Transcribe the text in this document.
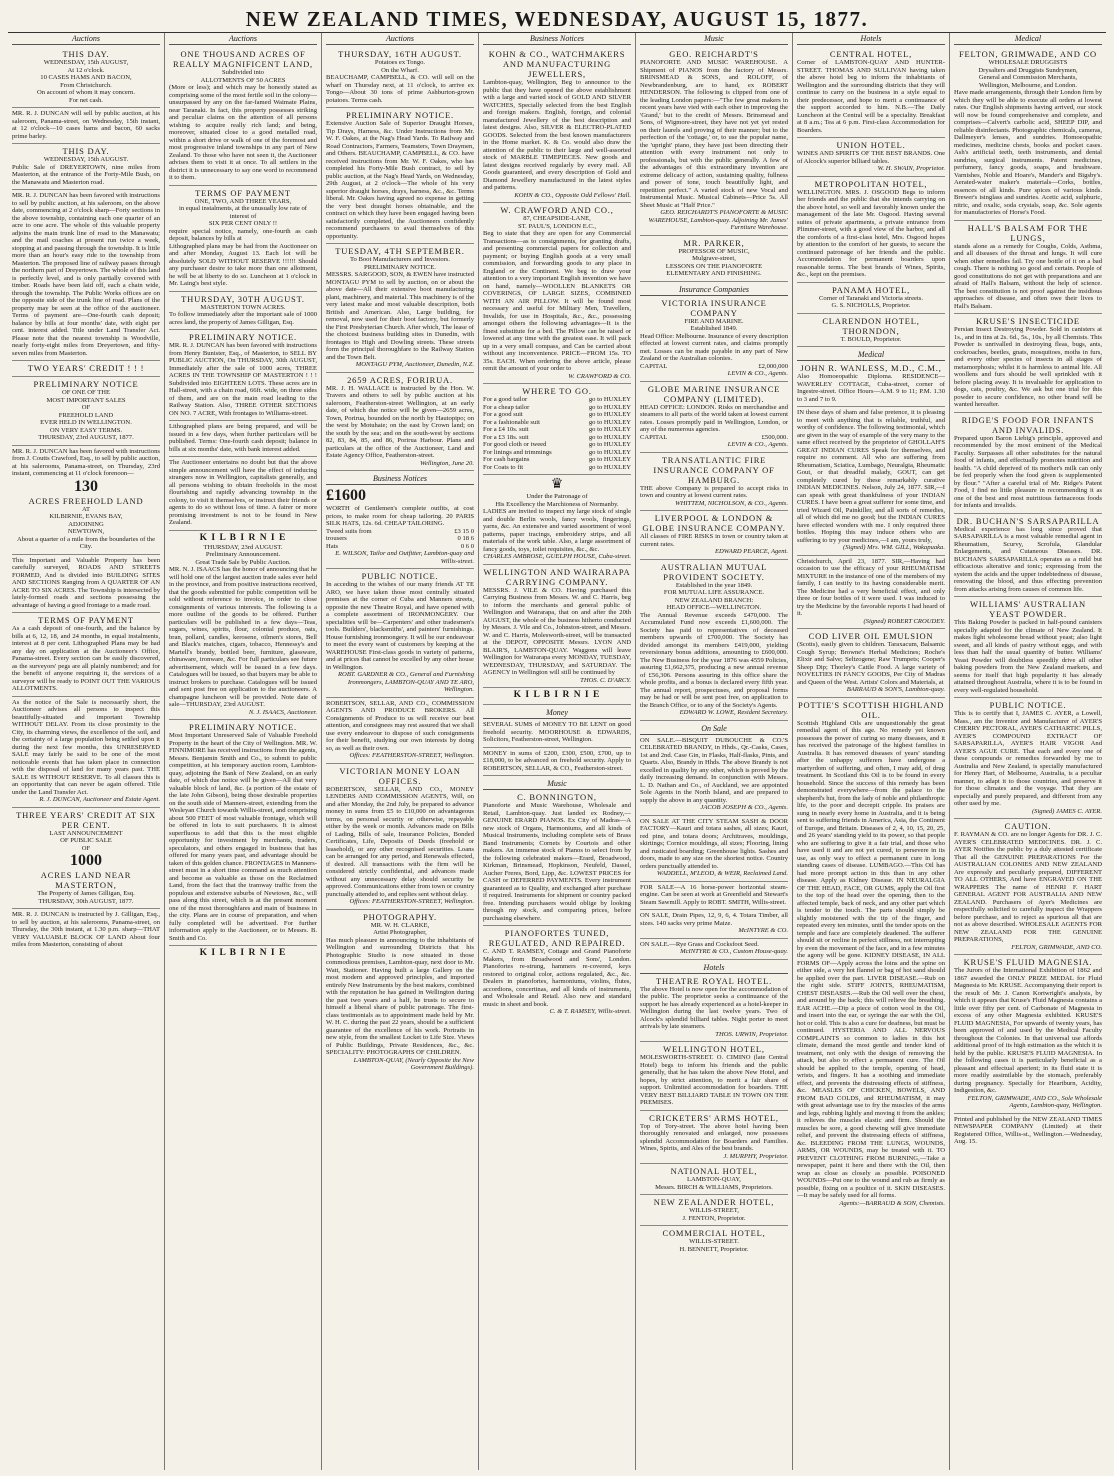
NEW ZEALAND TIMES, WEDNESDAY, AUGUST 15, 1877.
Auctions
THIS DAY.
WEDNESDAY, 15th AUGUST,
At 12 o'clock.
10 CASES HAMS AND BACON,
From Christchurch.
On account of whom it may concern.
For net cash.
MR. R. J. DUNCAN will sell by public auction, at his saleroom, Panama-street, on Wednesday, 15th instant, at 12 o'clock—10 cases hams and bacon, 60 sacks prime barley.
THIS DAY.
WEDNESDAY, 15th AUGUST.
Public Sale of DREYERTOWN, nine miles from Masterton, at the entrance of the Forty-Mile Bush, on the Manawatu and Masterton road.
MR. R. J. DUNCAN has been favored with instructions to sell by public auction, at his saleroom, on the above date, commencing at 2 o'clock sharp—Forty sections in the above township, containing each one quarter of an acre to one acre. The whole of this valuable property adjoins the main trunk line of road to the Manawatu; and the mail coaches at present run twice a week, stopping at and passing through the township. It is little more than an hour's easy ride to the township from Masterton. The proposed line of railway passes through the northern part of Dreyertown. The whole of this land is perfectly level, and is only partially covered with timber. Roads have been laid off, each a chain wide, through the township. The Public Works offices are on the opposite side of the trunk line of road. Plans of the property may be seen at the office of the auctioneer. Terms of payment are—One-fourth cash deposit; balance by bills at four months' date, with eight per cent. interest added. Title under Land Transfer Act. Please note that the nearest township is Woodville, nearly forty-eight miles from Dreyertown, and fifty-seven miles from Masterton.
TWO YEARS' CREDIT ! ! !
PRELIMINARY NOTICE
OF ONE OF THE
MOST IMPORTANT SALES
OF
FREEHOLD LAND
EVER HELD IN WELLINGTON.
ON VERY EASY TERMS.
THURSDAY, 23rd AUGUST, 1877.
MR. R. J. DUNCAN has been favored with instructions from J. Coutts Crawford, Esq., to sell by public auction, at his salerooms, Panama-street, on Thursday, 23rd instant, commencing at 11 o'clock forenoon—
130
ACRES FREEHOLD LAND
AT
KILBIRNIE, EVANS BAY,
ADJOINING
NEWTOWN,
About a quarter of a mile from the boundaries of the City.
This Important and Valuable Property has been carefully surveyed, ROADS AND STREETS FORMED, And is divided into BUILDING SITES AND SECTIONS Ranging from A QUARTER OF AN ACRE TO SIX ACRES. The Township is intersected by lately-formed roads and sections possessing the advantage of having a good frontage to a made road.
TERMS OF PAYMENT
As a cash deposit of one-fourth, and the balance by bills at 6, 12, 18, and 24 months, in equal instalments, interest at 8 per cent. Lithographed Plans may be had any day on application at the Auctioneer's Office, Panama-street. Every section can be easily discovered, as the surveyors' pegs are all plainly numbered; and for the benefit of anyone requiring it, the services of a surveyor will be ready to POINT OUT THE VARIOUS ALLOTMENTS.
As the notice of the Sale is necessarily short, the Auctioneer advises all persons to inspect this beautifully-situated and important Township WITHOUT DELAY. From its close proximity to the City, its charming views, the excellence of the soil, and the certainty of a large population being settled upon it during the next few months, this UNRESERVED SALE may fairly be said to be one of the most noticeable events that has taken place in connection with the disposal of land for many years past. THE SALE IS WITHOUT RESERVE. To all classes this is an opportunity that can never be again offered. Title under the Land Transfer Act.
R. J. DUNCAN, Auctioneer and Estate Agent.
THREE YEARS' CREDIT AT SIX PER CENT.
LAST ANNOUNCEMENT
OF PUBLIC SALE
OF
1000
ACRES LAND NEAR MASTERTON,
The Property of James Gilligan, Esq.
THURSDAY, 30th AUGUST, 1877.
MR. R. J. DUNCAN is instructed by J. Gilligan, Esq., to sell by auction, at his salerooms, Panama-street, on Thursday, the 30th instant, at 1.30 p.m. sharp—THAT VERY VALUABLE BLOCK OF LAND About four miles from Masterton, consisting of about
Auctions
ONE THOUSAND ACRES OF REALLY MAGNIFICENT LAND,
Subdivided into
ALLOTMENTS OF 50 ACRES
(More or less); and which may be honestly stated as comprising some of the most fertile soil in the colony—unsurpassed by any on the far-famed Waimate Plains, near Taranaki. In fact, this property possesses striking and peculiar claims on the attention of all persons wishing to acquire really rich land; and being, moreover, situated close to a good metalled road, within a short drive or walk of one of the foremost and most progressive inland townships in any part of New Zealand. To those who have not seen it, the Auctioneer advises them to visit it at once. To all settlers in the district it is unnecessary to say one word to recommend it to them.
TERMS OF PAYMENT
ONE, TWO, AND THREE YEARS,
in equal instalments, at the unusually low rate of interest of
SIX PER CENT ONLY !!
require special notice, namely, one-fourth as cash deposit, balances by bills at
Lithographed plans may be had from the Auctioneer on and after Monday, August 13. Each lot will be absolutely SOLD WITHOUT RESERVE !!!!!! Should any purchaser desire to take more than one allotment, he will be at liberty to do so. Luncheon at 1 o'clock in Mr. Laing's best style.
THURSDAY, 30TH AUGUST.
MASTERTON TOWN ACRES.
To follow immediately after the important sale of 1000 acres land, the property of James Gilligan, Esq.
PRELIMINARY NOTICE.
MR. R. J. DUNCAN has been favored with instructions from Henry Bunister, Esq., of Masterton, to SELL BY PUBLIC AUCTION, On THURSDAY, 30th AUGUST, Immediately after the sale of 1000 acres, THREE ACRES IN THE TOWNSHIP OF MASTERTON ! ! ! Subdivided into EIGHTEEN LOTS. These acres are in Hall-street, with a chain road, 66ft. wide, on three sides of them, and are on the main road leading to the Railway Station. Also, THREE OTHER SECTIONS ON NO. 7 ACRE, With frontages to Williams-street.
Lithographed plans are being prepared, and will be issued in a few days, when further particulars will be published. Terms: One-fourth cash deposit; balance in bills at six months' date, with bank interest added.
The Auctioneer entertains no doubt but that the above simple announcement will have the effect of inducing strangers now in Wellington, capitalists generally, and all persons wishing to obtain freeholds in the most flourishing and rapidly advancing township in the colony, to visit it themselves, or instruct their friends or agents to do so without loss of time. A fairer or more promising investment is not to be found in New Zealand.
K I L B I R N I E
THURSDAY, 23rd AUGUST.
Preliminary Announcement.
Great Trade Sale by Public Auction.
MR. N. J. ISAACS has the honor of announcing that he will hold one of the largest auction trade sales ever held in the province, and from positive instructions received, that the goods submitted for public competition will be sold without reference to invoice, in order to close consignments of various interests. The following is a more outline of the goods to be offered. Further particulars will be published in a few days—Teas, sugars, wines, spirits, flour, colonial produce, oats, bran, pollard, candles, kerosene, oilmen's stores, Bell and Black's matches, cigars, tobacco, Hennessy's and Martell's brandy, bottled beer, furniture, glassware, chinaware, ironware, &c. For full particulars see future advertisement, which will be issued in a few days. Catalogues will be issued, so that buyers may be able to instruct brokers to purchase. Catalogues will be issued and sent post free on application to the auctioneers. A champagne luncheon will be provided. Note date of sale—THURSDAY, 23rd AUGUST.
N. J. ISAACS, Auctioneer.
PRELIMINARY NOTICE.
Most Important Unreserved Sale of Valuable Freehold Property in the heart of the City of Wellington. MR. W. FINNIMORE has received instructions from the agents, Messrs. Benjamin Smith and Co., to submit to public competition, at his temporary auction room, Lambton-quay, adjoining the Bank of New Zealand, on an early date, of which due notice will be given—All that very valuable block of land, &c. (a portion of the estate of the late John Gibson), being those desirable properties on the south side of Manners-street, extending from the Wesleyan Church towards Willis-street, and comprising about 500 FEET of most valuable frontage, which will be offered in lots to suit purchasers. It is almost superfluous to add that this is the most eligible opportunity for investment by merchants, traders, speculators, and others engaged in business that has offered for many years past, and advantage should be taken of this golden chance. FRONTAGES in Manners-street must in a short time command as much attention and become as valuable as those on the Reclaimed Land, from the fact that the tramway traffic from the populous and extensive suburbs of Newtown, &c., will pass along this street, which is at the present moment one of the most thoroughfares and main of business in the city. Plans are in course of preparation, and when fully completed will be advertised. For further information apply to the Auctioneer, or to Messrs. B. Smith and Co.
K I L B I R N I E
Auctions
THURSDAY, 16TH AUGUST.
Potatoes ex Tongo.
On the Wharf.
BEAUCHAMP, CAMPBELL, & CO. will sell on the wharf on Thursday next, at 11 o'clock, to arrive ex Tongo—About 30 tons of prime Ashburton-grown potatoes. Terms cash.
PRELIMINARY NOTICE.
Extensive Auction Sale of Superior Draught Horses, Tip Drays, Harness, &c. Under Instructions from Mr. W. F. Oakes, at the Nag's Head Yards. To Railway and Road Contractors, Farmers, Teamsters, Town Draymen, and Others. BEAUCHAMP, CAMPBELL, & CO. have received instructions from Mr. W. F. Oakes, who has completed his Forty-Mile Bush contract, to sell by public auction, at the Nag's Head Yards, on Wednesday, 29th August, at 2 o'clock—The whole of his very superior draught horses, drays, harness, &c., &c. Terms liberal. Mr. Oakes having agreed no expense in getting the very best draught horses obtainable, and the contract on which they have been engaged having been satisfactorily completed, the Auctioneers confidently recommend purchasers to avail themselves of this opportunity.
TUESDAY, 4TH SEPTEMBER.
To Boot Manufacturers and Investors.
PRELIMINARY NOTICE.
MESSRS. SARGOOD, SON, & EWEN have instructed MONTAGU PYM to sell by auction, on or about the above date—All their extensive boot manufacturing plant, machinery, and material. This machinery is of the very latest make and most valuable description, both British and American. Also, Large building, for removal, now used for their boot factory, but formerly the First Presbyterian Church. After which, The lease of the choicest business building sites in Dunedin, with frontages to High and Dowling streets. These streets form the principal thoroughfare to the Railway Station and the Town Belt.
MONTAGU PYM, Auctioneer, Dunedin, N.Z.
2659 ACRES, FORIRUA.
MR. J. H. WALLACE is instructed by the Hon. W. Travers and others to sell by public auction at his saleroom, Featherston-street Wellington, at an early date, of which due notice will be given—2659 acres, Town, Porirua, bounded on the north by Hautopipo; on the west by Motuhaie; on the east by Crown land; on the south by the sea; and on the south-west by sections 82, 83, 84, 85, and 86, Porirua Harbour. Plans and particulars at the office of the Auctioneer, Land and Estate Agency Office, Featherston-street.
Wellington, June 20.
Business Notices
£1600
WORTH of Gentlemen's complete outfits, at cost prices, to make room for cheap tailoring. 20 PARIS SILK HATS, 12s. 6d. CHEAP TAILORING.
Tweed suits from	£3 15 0
trousers	0 18 6
Hats	0 6 0
E. WILSON, Tailor and Outfitter, Lambton-quay and Willis-street.
PUBLIC NOTICE.
In acceding to the wishes of our many friends AT TE ARO, we have taken those most centrally situated premises at the corner of Cuba and Manners streets, opposite the new Theatre Royal, and have opened with a complete assortment of IRONMONGERY. Our specialities will be—Carpenters' and other tradesmen's tools. Builders', blacksmiths', and painters' furnishings. House furnishing ironmongery. It will be our endeavour to meet the every want of customers by keeping at the WAREHOUSE First-class goods in variety of patterns, and at prices that cannot be excelled by any other house in Wellington.
ROBT. GARDNER & CO., General and Furnishing Ironmongers, LAMBTON-QUAY AND TE ARO, Wellington.
ROBERTSON, SELLAR, AND CO., COMMISSION AGENTS AND PRODUCE BROKERS. All Consignments of Produce to us will receive our best attention, and consignees may rest assured that we shall use every endeavour to dispose of such consignments for their benefit, studying our own interests by doing so, as well as their own.
Offices: FEATHERSTON-STREET, Wellington.
VICTORIAN MONEY LOAN OFFICES.
ROBERTSON, SELLAR, AND CO., MONEY LENDERS AND COMMISSION AGENTS, Will, on and after Monday, the 2nd July, be prepared to advance money in sums from £5 to £10,000 on advantageous terms, on personal security or otherwise, repayable either by the week or month. Advances made on Bills of Lading, Bills of sale, Insurance Policies, Bonded Certificates, Life, Deposits of Deeds (freehold or leasehold), or any other recognised securities. Loans can be arranged for any period, and Renewals effected, if desired. All transactions with the firm will be considered strictly confidential, and advances made without any unnecessary delay should security be approved. Communications either from town or country punctually attended to, and replies sent without delay.
Offices: FEATHERSTON-STREET, Wellington.
PHOTOGRAPHY.
MR. W. H. CLARKE,
Artist Photographer,
Has much pleasure in announcing to the inhabitants of Wellington and surrounding Districts that his Photographic Studio is now situated in those commodious premises, Lambton-quay, next door to Mr. Watt, Stationer. Having built a large Gallery on the most modern and approved principles, and imported entirely New Instruments by the best makers, combined with the reputation he has gained in Wellington during the past two years and a half, he trusts to secure to himself a liberal share of public patronage. The first-class testimonials as to appointment made held by Mr. W. H. C. during the past 22 years, should be a sufficient guarantee of the excellence of his work. Portraits in new style, from the smallest Locket to Life Size. Views of Public Buildings, Private Residences, &c., &c. SPECIALITY: PHOTOGRAPHS OF CHILDREN.
LAMBTON-QUAY, (Nearly Opposite the New Government Buildings).
Business Notices
KOHN & CO., WATCHMAKERS AND MANUFACTURING JEWELLERS,
Lambton-quay, Wellington, Beg to announce to the public that they have opened the above establishment with a large and varied stock of GOLD AND SILVER WATCHES, Specially selected from the best English and foreign makers. English, foreign, and colonial manufactured Jewellery of the best description and latest designs. Also, SILVER & ELECTRO-PLATED GOODS. Selected from the best known manufacturers in the Home market. K. & Co. would also draw the attention of the public to their large and well-assorted stock of MARBLE TIMEPIECES. New goods and latest designs received regularly by every mail. All Goods guaranteed, and every description of Gold and Diamond Jewellery manufactured in the latest styles and patterns.
KOHN & CO., Opposite Odd Fellows' Hall.
W. CRAWFORD AND CO.,
87, CHEAPSIDE-LANE,
ST. PAUL'S, LONDON E.C.,
Beg to state that they are open for any Commercial Transactions—as to consignments, for granting drafts, and presenting commercial papers for collection and payment; or buying English goods at a very small commission, and forwarding goods to any place in England or the Continent. We beg to draw your attention to a very important English invention we have on hand, namely—WOOLLEN BLANKETS OR COVERINGS, OF LARGE SIZES, COMBINED WITH AN AIR PILLOW. It will be found most necessary and useful for Military Men, Travellers, Invalids, for use in Hospitals, &c., &c., possessing amongst others the following advantages—It is the finest substitute for a bed. The Pillow can be raised or lowered at any time with the greatest ease. It will pack up in a very small compass, and Can be carried about without any inconvenience. PRICE—FROM 15s. TO 35s. EACH. When ordering the above article, please remit the amount of your order to
W. CRAWFORD & CO.
WHERE TO GO.
For a good tailor	go to HUXLEY
For a cheap tailor	go to HUXLEY
For a good suit	go to HUXLEY
For a fashionable suit	go to HUXLEY
For a £4 10s. suit	go to HUXLEY
For a £3 18s. suit	go to HUXLEY
For good cloth or tweed	go to HUXLEY
For linings and trimmings	go to HUXLEY
For cash bargains	go to HUXLEY
For Coats to fit	go to HUXLEY
♛
Under the Patronage of
His Excellency the Marchioness of Normanby.
LADIES are invited to inspect my large stock of single and double Berlin wools, fancy wools, fingerings, yarns, &c. An extensive and varied assortment of wool patterns, paper tracings, embroidery strips, and all materials of the work table. Also, a large assortment of fancy goods, toys, toilet requisites, &c., &c.
CHARLES AMBROSE, GUELPH HOUSE, Cuba-street.
WELLINGTON AND WAIRARAPA CARRYING COMPANY.
MESSRS. J. VILE & CO. Having purchased this Carrying Business from Messrs. W. and C. Harris, beg to inform the merchants and general public of Wellington and Wairarapa, that on and after the 20th AUGUST, the whole of the business hitherto conducted by Messrs. J. Vile and Co., Johnston-street, and Messrs. W. and C. Harris, Molesworth-street, will be transacted at the DEPOT, OPPOSITE Messrs. LYON AND BLAIR'S, LAMBTON-QUAY. Waggons will leave Wellington for Wairarapa every MONDAY, TUESDAY, WEDNESDAY, THURSDAY, and SATURDAY. The AGENCY in Wellington will still be continued by
THOS. C. D'ARCY.
K I L B I R N I E
Money
SEVERAL SUMS of MONEY TO BE LENT on good freehold security. MOORHOUSE & EDWARDS, Solicitors, Featherston-street, Wellington.
MONEY in sums of £200, £300, £500, £700, up to £18,000, to be advanced on freehold security. Apply to ROBERTSON, SELLAR, & CO., Featherston-street.
Music
C. BONNINGTON,
Pianoforte and Music Warehouse, Wholesale and Retail, Lambton-quay. Just landed ex Rodney,—GENUINE ERARD PIANOS. Ex City of Madras—A new stock of Organs, Harmoniums, and all kinds of Musical Instruments, including complete sets of Brass Band Instruments; Cornets by Courtois and other makers. An immense stock of Pianos to select from by the following celebrated makers—Erard, Broadwood, Kirkman, Brinsmead, Hopkinson, Neufeld, Dassel, Aucher Freres, Bord, Lipp, &c. LOWEST PRICES for CASH or DEFERRED PAYMENTS. Every instrument guaranteed as to Quality, and exchanged after purchase if required. Instruments for shipment or country packed free. Intending purchasers would oblige by looking through my stock, and comparing prices, before purchasing elsewhere.
PIANOFORTES TUNED, REGULATED, AND REPAIRED.
C. AND T. RAMSEY, Cottage and Grand Pianoforte Makers, from Broadwood and Sons', London. Pianofortes re-strung, hammers re-covered, keys restored to original color, actions regulated, &c., &c. Dealers in pianofortes, harmoniums, violins, flutes, accordions, concertinas, and all kinds of instruments, and Wholesale and Retail. Also new and standard music in sheet and book.
C. & T. RAMSEY, Willis-street.
Music
GEO. REICHARDT'S
PIANOFORTE AND MUSIC WAREHOUSE. A Shipment of PIANOS from the factory of Messrs. BRINSMEAD & SONS, and ROLOFF, of Newbrandenburg, are to hand, ex ROBERT HENDERSON. The following is clipped from one of the leading London papers:—"The few great makers in recent years have vied with each other in improving the 'Grand,' but to the credit of Messrs. Brinsmead and Sons, of Wigmore-street, they have not yet yet rested on their laurels and proving of their manner; but to the perfection of the 'cottage,' or, to use the popular name, the 'upright' piano, they have just been directing their attention with every instrument not only to professionals, but with the public generally. A few of the advantages of this extraordinary invention are extreme delicacy of action, sustaining quality, fullness and power of tone, touch beautifully light, and repetition perfect." A varied stock of new Vocal and Instrumental Music. Musical Cabinets—Price 5s. All Sheet Music at "Half Price."
GEO. REICHARDT'S PIANOFORTE & MUSIC WAREHOUSE, Lambton-quay. Adjoining Mr. James' Furniture Warehouse.
MR. PARKER,
PROFESSOR OF MUSIC,
Mulgrave-street,
LESSONS ON THE PIANOFORTE
ELEMENTARY AND FINISHING.
Insurance Companies
VICTORIA INSURANCE COMPANY
FIRE AND MARINE.
Established 1849.
Head Office: Melbourne. Insurance of every description effected at lowest current rates, and claims promptly met. Losses can be made payable in any part of New Zealand or the Australian colonies.
CAPITAL	£2,000,000
LEVIN & CO., Agents.
GLOBE MARINE INSURANCE COMPANY (LIMITED).
HEAD OFFICE: LONDON. Risks on merchandise and steamers to all parts of the world taken at lowest current rates. Losses promptly paid in Wellington, London, or any of the numerous agencies.
CAPITAL	£500,000.
LEVIN & CO., Agents.
TRANSATLANTIC FIRE INSURANCE COMPANY OF HAMBURG.
THE above Company is prepared to accept risks in town and country at lowest current rates.
WHITTEM, NICHOLSON, & CO., Agents.
LIVERPOOL & LONDON & GLOBE INSURANCE COMPANY.
All classes of FIRE RISKS in town or country taken at current rates.
EDWARD PEARCE, Agent.
AUSTRALIAN MUTUAL PROVIDENT SOCIETY.
Established in the year 1849.
FOR MUTUAL LIFE ASSURANCE.
NEW ZEALAND BRANCH:
HEAD OFFICE—WELLINGTON.
The Annual Revenue exceeds £470,000. The Accumulated Fund now exceeds £1,600,000. The Society has paid to representatives of deceased members upwards of £700,000. The Society has divided amongst its members £419,000, yielding reversionary bonus additions, amounting to £600,000. The New Business for the year 1876 was 4559 Policies, assuring £1,662,375, producing a new annual revenue of £56,306. Persons assuring in this office share the whole profits, and a bonus is declared every fifth year. The annual report, prospectuses, and proposal forms may be had or will be sent post free, on application to the Branch Office, or to any of the Society's Agents.
EDWARD W. LOWE, Resident Secretary.
On Sale
ON SALE.—BISQUIT DUBOUCHE & CO.'S CELEBRATED BRANDY, in Hhds., Qr.-Casks, Cases, 1st and 2nd. Case Gin, in Flasks, Half-flasks, Pints, and Quarts. Also, Brandy in Hhds. The above Brandy is not excelled in quality by any other, which is proved by the daily increasing demand. In conjunction with Messrs. L. D. Nathan and Co., of Auckland, we are appointed Sole Agents in the North Island, and are prepared to supply the above in any quantity.
JACOB JOSEPH & CO., Agents.
ON SALE AT THE CITY STEAM SASH & DOOR FACTORY—Kauri and totara sashes, all sizes; Kauri, red pine, and totara doors; Architraves, mouldings, skirtings; Cornice mouldings, all sizes; Flooring, lining and rusticated boarding; Greenhouse lights. Sashes and doors, made to any size on the shortest notice. Country orders punctually attended to.
WADDELL, M'LEOD, & WEIR, Reclaimed Land.
FOR SALE—A 16 horse-power horizontal steam-engine. Can be seen at work at Greenfield and Stewart's Steam Sawmill. Apply to ROBT. SMITH, Willis-street.
ON SALE, Drain Pipes, 12, 9, 6, 4. Totara Timber, all sizes. 140 sacks very prime Maize.
McINTYRE & CO.
ON SALE.—Rye Grass and Cocksfoot Seed.
McINTYRE & CO., Custom House-quay.
Hotels
THEATRE ROYAL HOTEL.
The above Hotel is now open for the accommodation of the public. The proprietor seeks a continuance of the support he has already experienced as a hotel-keeper in Wellington during the last twelve years. Two of Alcock's splendid billiard tables. Night porter to meet arrivals by late steamers.
THOS. URWIN, Proprietor.
WELLINGTON HOTEL,
MOLESWORTH-STREET. O. CIMINO (late Central Hotel) begs to inform his friends and the public generally, that he has taken the above New Hotel, and hopes, by strict attention, to merit a fair share of support. Unlimited accommodation for boarders. THE VERY BEST BILLIARD TABLE IN TOWN ON THE PREMISES.
CRICKETERS' ARMS HOTEL,
Top of Tory-street. The above hotel having been thoroughly renovated and enlarged, now possesses splendid Accommodation for Boarders and Families. Wines, Spirits, and Ales of the best brands.
J. MURPHY, Proprietor.
NATIONAL HOTEL,
LAMBTON-QUAY,
Messrs. BIRCH & WILLIAMS, Proprietors.
NEW ZEALANDER HOTEL,
WILLIS-STREET,
J. FENTON, Proprietor.
COMMERCIAL HOTEL,
WILLIS-STREET.
H. BENNETT, Proprietor.
Hotels
CENTRAL HOTEL,
Corner of LAMBTON-QUAY AND HUNTER-STREET. THOMAS AND SULLIVAN having taken the above hotel beg to inform the inhabitants of Wellington and the surrounding districts that they will continue to carry on the business in a style equal to their predecessor, and hope to merit a continuance of the support accorded to him. N.B.—The Daily Luncheon at the Central will be a speciality. Breakfast at 8 a.m.; Tea at 6 p.m. First-class Accommodation for Boarders.
UNION HOTEL.
WINES AND SPIRITS OF THE BEST BRANDS. One of Alcock's superior billiard tables.
W. H. SWAIN, Proprietor.
METROPOLITAN HOTEL,
WELLINGTON. MRS. J. OSGOOD Begs to inform her friends and the public that she intends carrying on the above hotel, so well and favorably known under the management of the late Mr. Osgood. Having several suites of private apartments, a private entrance from Plimmer-street, with a good view of the harbor, and all the comforts of a first-class hotel, Mrs. Osgood hopes by attention to the comfort of her guests, to secure the continued patronage of her friends and the public. Accommodation for permanent boarders upon reasonable terms. The best brands of Wines, Spirits, &c., kept on the premises.
PANAMA HOTEL,
Corner of Taranaki and Victoria streets.
G. S. NICHOLLS, Proprietor.
CLARENDON HOTEL, THORNDON,
T. BOULD, Proprietor.
Medical
JOHN R. WANLESS, M.D., C.M.,
Also Homoeopathic Diploma. RESIDENCE—WAVERLEY COTTAGE, Cuba-street, corner of Ingestre-street. Office Hours—A.M. 9 to 11; P.M. 1.30 to 3 and 7 to 9.
IN these days of sham and false pretence, it is pleasing to meet with anything that is reliable, truthful, and worthy of confidence. The following testimonial, which are given in the way of example of the very many to the same effect received by the proprietor of GHOLLAH'S GREAT INDIAN CURES Speak for themselves, and require no comment. All who are suffering from Rheumatism, Sciatica, Lumbago, Neuralgia, Rheumatic Gout, or that dreadful malady, GOUT, can get completely cured by these remarkably curative INDIAN MEDICINES. Nelson, July 24, 1877. SIR,—I can speak with great thankfulness of your INDIAN CURES. I have been a great sufferer for some time, and tried Wizard Oil, Painkiller, and all sorts of remedies, all of which did me no good; but the INDIAN CURES have effected wonders with me. I only required three bottles. Hoping this may induce others who are suffering to try your medicines,—I am, yours truly,
(Signed) Mrs. WM. GILL, Wakapuaka.
Christchurch, April 23, 1877. SIR,—Having had occasion to use the efficacy of your RHEUMATISM MIXTURE in the instance of one of the members of my family, I can testify to its having considerable merit. The Medicine had a very beneficial effect, and only three or four bottles of it were used. I was induced to try the Medicine by the favorable reports I had heard of it.
(Signed) ROBERT CROUDEY.
COD LIVER OIL EMULSION
(Scotts), easily given to children. Taraxacum, Balsamic Cough Syrup; Browne's Herbal Medicines; Roche's Elixir and Salve; Seltzogene; Raw Trumpets; Cooper's Sheep Dip; Thorley's Cattle Food. A large variety of NOVELTIES IN FANCY GOODS, Per City of Madras and Queen of the West. Artists' Colors and Materials, at
BARRAUD & SON'S, Lambton-quay.
POTTIE'S SCOTTISH HIGHLAND OIL.
Scottish Highland Oils are unquestionably the great remedial agent of this age. No remedy yet known possesses the power of curing so many diseases, and it has received the patronage of the highest families in Australia. It has removed diseases of years' standing after the unhappy sufferers have undergone a martyrdom of suffering, and often, I may add, of drug treatment. In Scotland this Oil is to be found in every household. Since the success of this remedy has been demonstrated everywhere—from the palace to the shepherd's hut, from the lady of noble and philanthropic life, to the poor and decrepit cripple. Its praises are sung in nearly every home in Australia, and it is being sent to suffering friends in America, Asia, the Continent of Europe, and Britain. Diseases of 2, 4, 10, 15, 20, 25, and 26 years' standing yield to its power, so that people who are suffering to give it a fair trial, and those who have used it and are not yet cured, to persevere in its use, as only way to effect a permanent cure in long standing cases of disease. LUMBAGO.—This Oil has had more prompt action in this than in any other disease. Apply as Kidney Disease. IN NEURALGIA OF THE HEAD, FACE, OR GUMS, apply the Oil first to the top of the head over the opening, then to the affected temple, back of neck, and any other part which is tender to the touch. The parts should simply be slightly moistened with the tip of the finger, and repeated every ten minutes, until the tender spots on the temple and face are completely deadened. The sufferer should sit or recline in perfect stillness, not interrupting by even the movement of the face, and in a few minutes the agony will be gone. KIDNEY DISEASE, IN ALL FORMS OF—Apply across the loins and the spine on either side, a very hot flannel or bag of hot sand should be applied over the part. LIVER DISEASE.—Rub on the right side. STIFF JOINTS, RHEUMATISM, CHEST DISEASES.—Rub the Oil well over the chest, and around by the back; this will relieve the breathing. EAR ACHE.—Dip a piece of cotton wool in the Oil, and insert into the ear, or syringe the ear with the Oil, hot or cold. This is also a cure for deafness, but must be continued. HYSTERIA AND ALL NERVOUS COMPLAINTS so common to ladies in this hot climate, demand the most gentle and tender kind of treatment, not only with the design of removing the attack, but also to effect a permanent cure. The Oil should be applied to the temple, opening of head, wrists, and fingers. It has a soothing and immediate effect, and prevents the distressing effects of stiffness, &c. MEASLES OF CHICKEN, BOWELS, AND FROM BAD COLDS, and RHEUMATISM, it may with great advantage use to fry the muscles of the arms and legs, rubbing lightly and moving it from the ankles; it relieves the muscles elastic and firm. Should the muscles be sore, a good chewing will give immediate relief, and prevent the distressing effects of stiffness, &c. BLEEDING FROM THE LUNGS, WOUNDS, ARMS, OR WOUNDS, may be treated with it. TO PREVENT CLOTHING FROM BURNING,—Take a newspaper, paint it here and there with the Oil, then wrap as close as closely as possible. POISONED WOUNDS—Put one to the wound and rub as firmly as possible, fixing on a poultice of it. SKIN DISEASES.—It may be safely used for all forms.
Agents:—BARRAUD & SON, Chemists.
Medical
FELTON, GRIMWADE, AND CO
WHOLESALE DRUGGISTS
Drysalters and Druggists Sundrymen,
General and Commission Merchants,
Wellington, Melbourne, and London.
Have made arrangements, through their London firm by which they will be able to execute all orders at lowest rates. Our English shipments having arrived, our stock will now be found comprehensive and complete, and comprises—Calvert's carbolic acid, SHEEP DIP, and reliable disinfectants. Photographic chemicals, cameras, Dallmeyer's lenses, and sundries. Homoeopathic medicines, medicine chests, books and pocket cases. Ash's artificial teeth, teeth instruments, and dental sundries, surgical instruments. Patent medicines, perfumery, fancy goods, soaps, and brushware. Varnishes, Noble and Hoare's, Mander's and Bigsby's. Aerated-water maker's materials—Corks, bottles, essences of all kinds. Pure spices of various kinds. Brewer's isinglass and sundries. Acetic acid, sulphuric, nitric, and oxalic, soda crystals, soap, &c. Sole agents for manufactories of Horse's Food.
HALL'S BALSAM FOR THE LUNGS,
stands alone as a remedy for Coughs, Colds, Asthma, and all diseases of the throat and lungs. It will cure when other remedies fail. Try one bottle of it on a bad cough. There is nothing so good and certain. People of good constitutions do not get with preparations and are afraid of Hall's Balsam, without the help of science. The best constitution is not proof against the insidious approaches of disease, and often owe their lives to Hall's Balsam.
KRUSE'S INSECTICIDE
Persian Insect Destroying Powder. Sold in canisters at 1s., and in tins at 2s. 6d., 5s., 10s., by all Chemists. This Powder is unrivalled in destroying fleas, bugs, ants, cockroaches, beetles, gnats, mosquitoes, moths in furs, and every other species of insects in all stages of metamorphosis; whilst it is harmless to animal life. All woollens and furs should be well sprinkled with it before placing away. It is invaluable for application to dogs, cats, poultry, &c. We ask but one trial for this powder to secure confidence, no other brand will be wanted hereafter.
RIDGE'S FOOD FOR INFANTS AND INVALIDS.
Prepared upon Baron Liebig's principle, approved and recommended by the most eminent of the Medical Faculty. Surpasses all other substitutes for the natural food of infants, and effectually promotes nutrition and health. "A child deprived of its mother's milk can only be fed properly when the food given is supplemented by flour." "After a careful trial of Mr. Ridge's Patent Food, I find no little pleasure in recommending it as one of the best and most nutritious farinaceous foods for infants and invalids.
DR. BUCHAN'S SARSAPARILLA
Medical experience has long since proved that SARSAPARILLA is a most valuable remedial agent in Rheumatism, Scurvy, Scrofula, Glandular Enlargements, and Cutaneous Diseases. DR. BUCHAN'S SARSAPARILLA operates as a mild but efficacious alterative and tonic; expressing from the system the acids and the upper indebtedness of disease, renovating the blood, and thus effecting prevention from attacks arising from causes of common life.
WILLIAMS' AUSTRALIAN YEAST POWDER.
This Baking Powder is packed in half-pound canisters specially adapted for the climate of New Zealand. It makes light wholesome bread without yeast; also light sweet, and all kinds of pastry without eggs, and with less than half the usual quantity of butter. Williams' Yeast Powder will doubtless speedily drive all other baking powders from the New Zealand markets, and seems for itself that high popularity it has already attained throughout Australia, where it is to be found in every well-regulated household.
PUBLIC NOTICE.
This is to certify that I, JAMES C. AYER, a Lowell, Mass., am the Inventor and Manufacturer of AYER'S CHERRY PECTORAL, AYER'S CATHARTIC PILLS, AYER'S COMPOUND EXTRACT OF SARSAPARILLA, AYER'S HAIR VIGOR And AYER'S AGUE CURE. That each and every one of these compounds or remedies forwarded by me to Australia and New Zealand, is specially manufactured for Henry Hart, of Melbourne, Australia, is a peculiar manner, to adapt it to those countries, and preserve it for those climates and the voyage. That they are especially and purely prepared, and different from any other used by me.
(Signed) JAMES C. AYER.
CAUTION.
F. RAYMAN & CO. are no longer Agents for DR. J. C. AYER'S CELEBRATED MEDICINES. DR. J. C. AYER Notifies the public by a duly attested certificate That all the GENUINE PREPARATIONS For the AUSTRALIAN COLONIES AND NEW ZEALAND Are expressly and peculiarly prepared, DIFFERENT TO ALL OTHERS, And have ENGRAVED ON THE WRAPPERS The name of HENRI F. HART GENERAL AGENT FOR AUSTRALIA AND NEW ZEALAND. Purchasers of Ayer's Medicines are respectfully solicited to carefully inspect the Wrappers before purchase, and to reject as spurious all that are not as above described. WHOLESALE AGENTS FOR NEW ZEALAND FOR THE GENUINE PREPARATIONS,
FELTON, GRIMWADE, AND CO.
KRUSE'S FLUID MAGNESIA.
The Jurors of the International Exhibition of 1862 and 1867 awarded the ONLY PRIZE MEDAL for Fluid Magnesia to Mr. KRUSE. Accompanying their report is the result of Mr. J. Canon Kortwright's analysis, by which it appears that Kruse's Fluid Magnesia contains a little over fifty per cent. of Carbonate of Magnesia in excess of any other Magnesia exhibited. KRUSE'S FLUID MAGNESIA, For upwards of twenty years, has been approved of and used by the Medical Faculty throughout the Colonies. In that universal use affords additional proof of its high estimation as the which it is held by the public. KRUSE'S FLUID MAGNESIA. In the following cases it is particularly beneficial as a pleasant and effectual aperient; in its fluid state it is more readily assimilable by the stomach, preferably during pregnancy. Specially for Heartburn, Acidity, Indigestion, &c.
FELTON, GRIMWADE, AND CO., Sole Wholesale Agents, Lambton-quay, Wellington.
Printed and published by the NEW ZEALAND TIMES NEWSPAPER COMPANY (Limited) at their Registered Office, Willis-st., Wellington.—Wednesday, Aug. 15.
